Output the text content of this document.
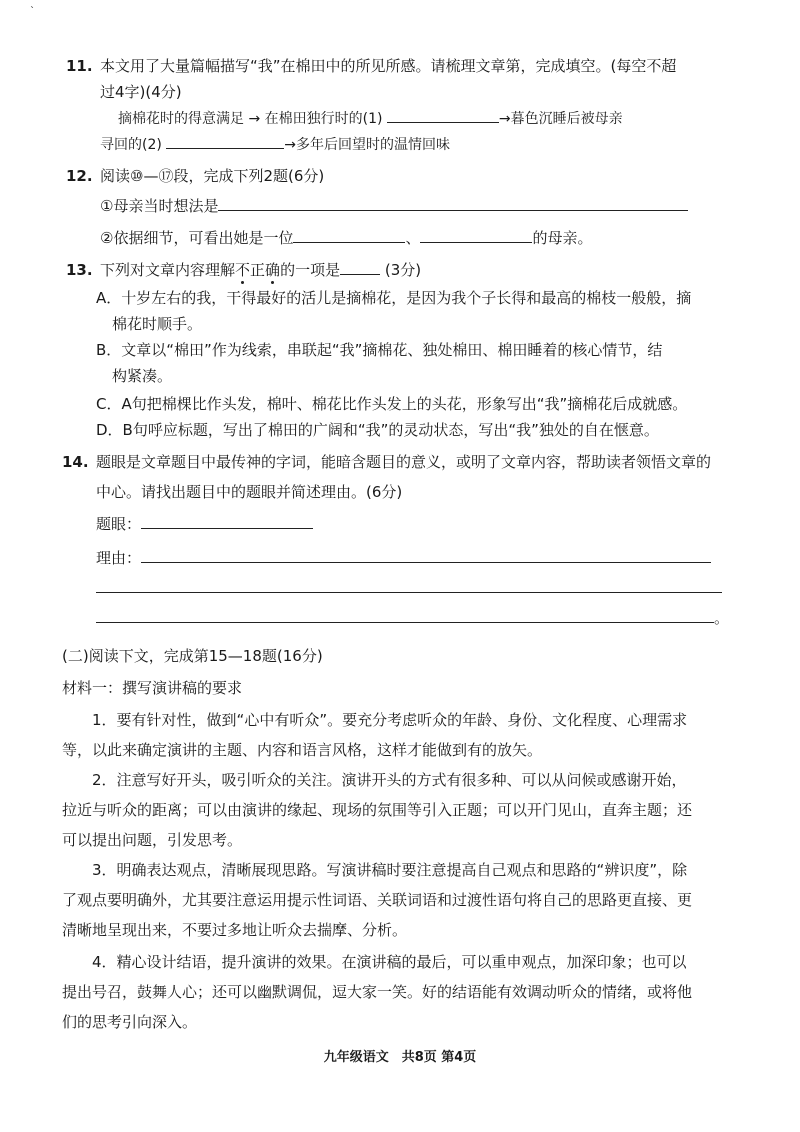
`
11. 本文用了大量篇幅描写“我”在棉田中的所见所感。请梳理文章第，完成填空。(每空不超
过4字)(4分)
摘棉花时的得意满足 → 在棉田独行时的(1)	→暮色沉睡后被母亲
寻回的(2)	→多年后回望时的温情回味
12. 阅读⑩—⑰段，完成下列2题(6分)
①母亲当时想法是
②依据细节，可看出她是一位	、	的母亲。
13. 下列对文章内容理解不正确的一项是	(3分)
A．十岁左右的我，干得最好的活儿是摘棉花，是因为我个子长得和最高的棉枝一般般，摘
棉花时顺手。
B．文章以“棉田”作为线索，串联起“我”摘棉花、独处棉田、棉田睡着的核心情节，结
构紧凑。
C．A句把棉棵比作头发，棉叶、棉花比作头发上的头花，形象写出“我”摘棉花后成就感。
D．B句呼应标题，写出了棉田的广阔和“我”的灵动状态，写出“我”独处的自在惬意。
14. 题眼是文章题目中最传神的字词，能暗含题目的意义，或明了文章内容，帮助读者领悟文章的
中心。请找出题目中的题眼并简述理由。(6分)
题眼：
理由：
。
(二)阅读下文，完成第15—18题(16分)
材料一：撰写演讲稿的要求
1．要有针对性，做到“心中有听众”。要充分考虑听众的年龄、身份、文化程度、心理需求
等，以此来确定演讲的主题、内容和语言风格，这样才能做到有的放矢。
2．注意写好开头，吸引听众的关注。演讲开头的方式有很多种、可以从问候或感谢开始，
拉近与听众的距离；可以由演讲的缘起、现场的氛围等引入正题；可以开门见山，直奔主题；还
可以提出问题，引发思考。
3．明确表达观点，清晰展现思路。写演讲稿时要注意提高自己观点和思路的“辨识度”，除
了观点要明确外，尤其要注意运用提示性词语、关联词语和过渡性语句将自己的思路更直接、更
清晰地呈现出来，不要过多地让听众去揣摩、分析。
4．精心设计结语，提升演讲的效果。在演讲稿的最后，可以重申观点，加深印象；也可以
提出号召，鼓舞人心；还可以幽默调侃，逗大家一笑。好的结语能有效调动听众的情绪，或将他
们的思考引向深入。
九年级语文　共8页 第4页
